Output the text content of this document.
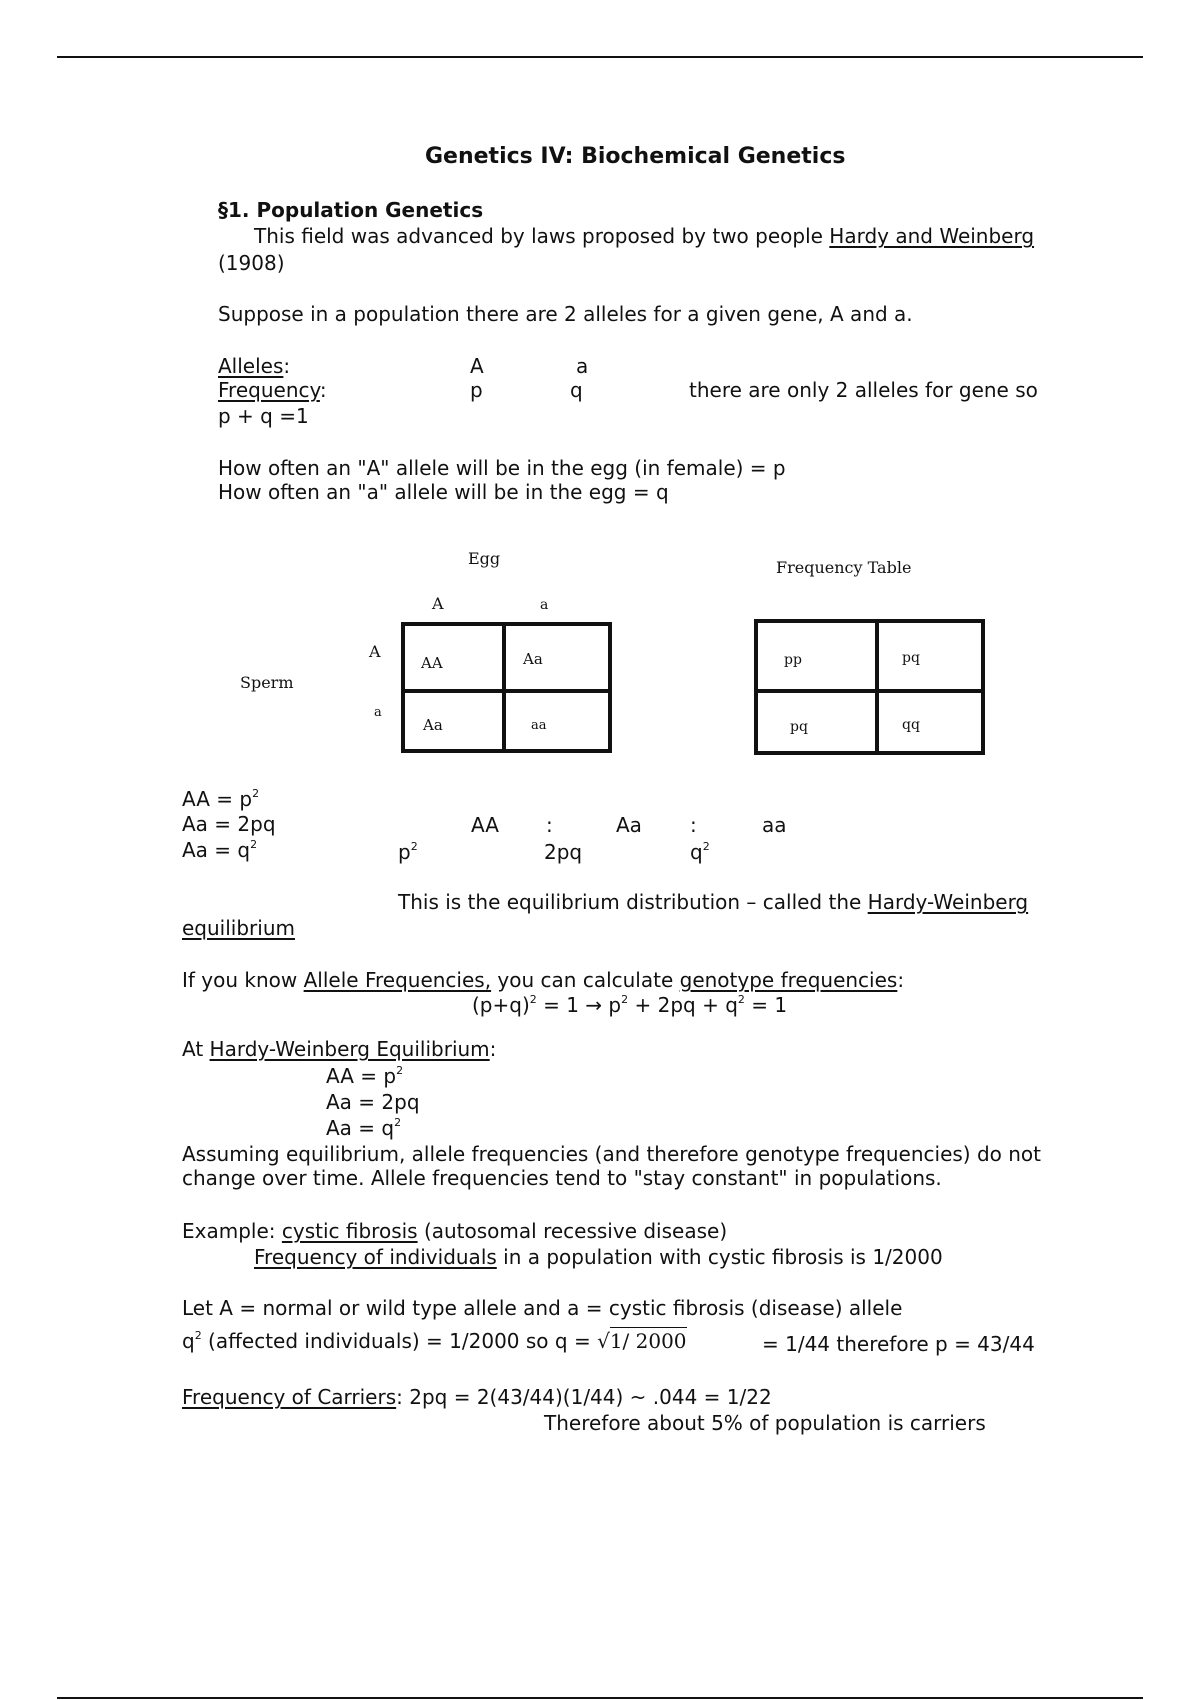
Genetics IV: Biochemical Genetics
§1. Population Genetics
This field was advanced by laws proposed by two people Hardy and Weinberg
(1908)
Suppose in a population there are 2 alleles for a given gene, A and a.
Alleles:	A	a
Frequency:	p	q	there are only 2 alleles for gene so
p + q =1
How often an "A" allele will be in the egg (in female) = p
How often an "a" allele will be in the egg = q
Egg
A	a
Sperm
A
a
AA	Aa
Aa	aa
Frequency Table
pp	pq
pq	qq
AA = $p^2$
Aa = 2pq
$Aa = q^2$
AA :	Aa :	aa
$p^2$	2pq	$q^2$
This is the equilibrium distribution – called the Hardy-Weinberg
equilibrium
If you know Allele Frequencies, you can calculate genotype frequencies:
$(p+q)^2 = 1 \to p^2 + 2pq + q^2 = 1$
At Hardy-Weinberg Equilibrium:
AA = $p^2$
Aa = 2pq
$Aa = q^2$
Assuming equilibrium, allele frequencies (and therefore genotype frequencies) do not
change over time. Allele frequencies tend to "stay constant" in populations.
Example: cystic fibrosis (autosomal recessive disease)
Frequency of individuals in a population with cystic fibrosis is 1/2000
Let A = normal or wild type allele and a = cystic fibrosis (disease) allele
$q^2$ (affected individuals) = 1/2000 so q = √1/ 2000	= 1/44 therefore p = 43/44
Frequency of Carriers: 2pq = 2(43/44)(1/44) ~ .044 = 1/22
Therefore about 5% of population is carriers
